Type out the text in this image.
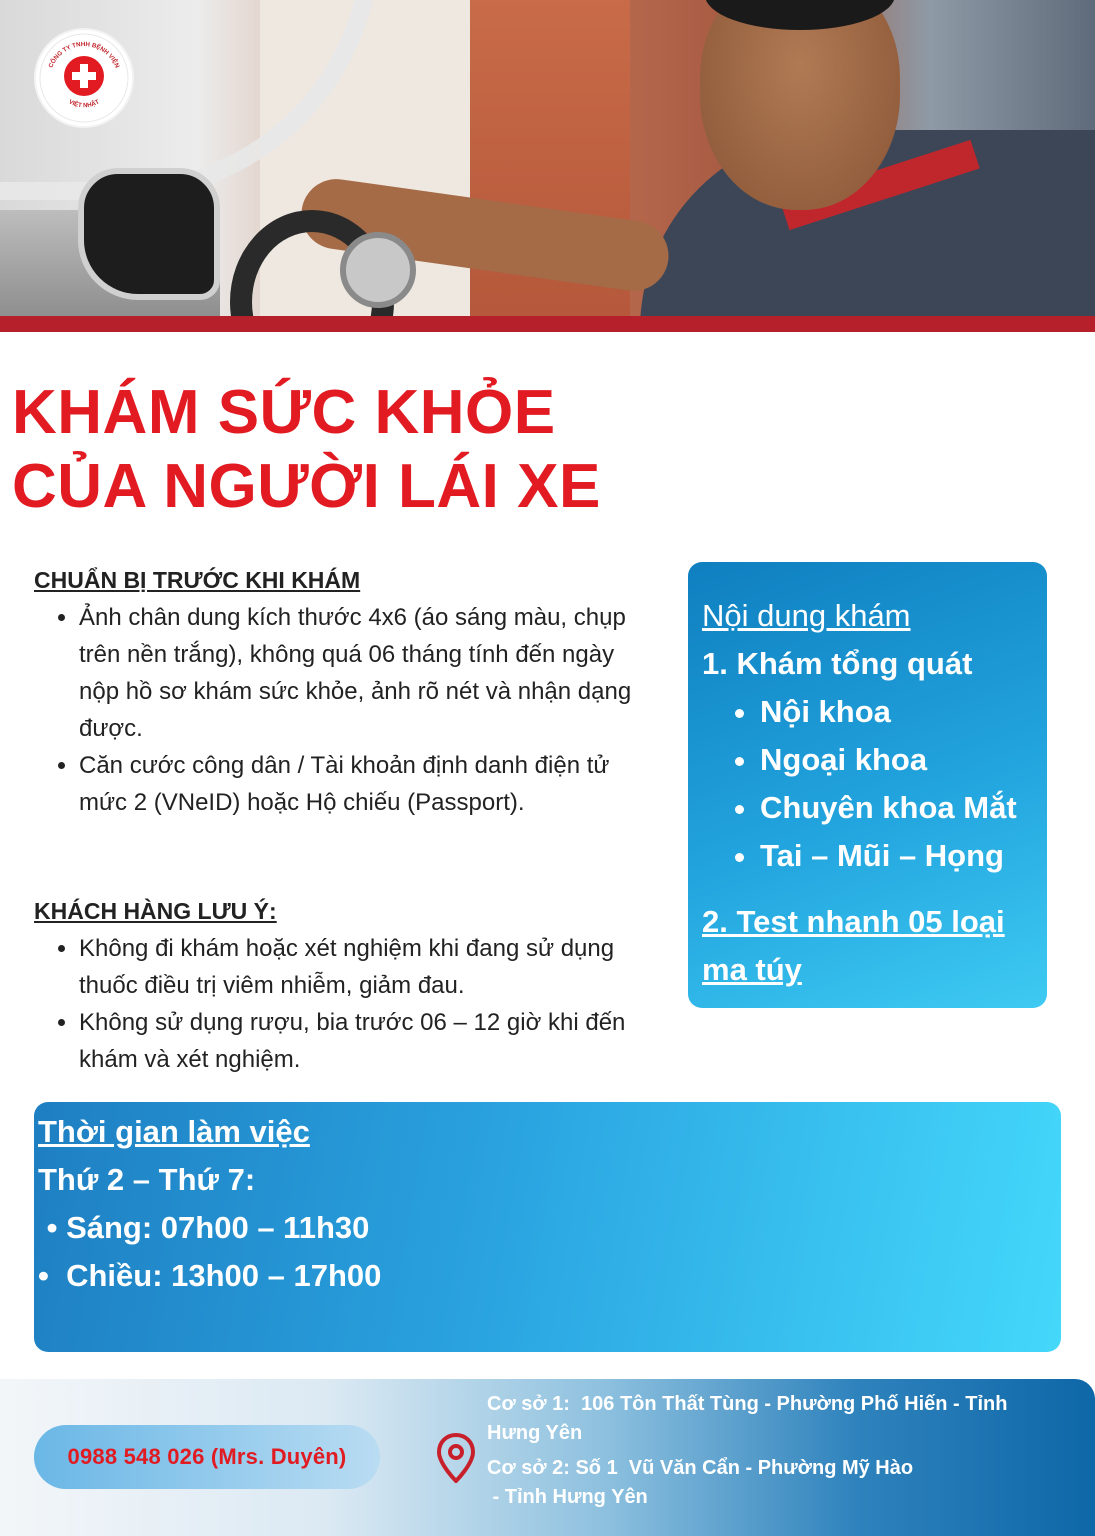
CÔNG TY TNHH BỆNH VIỆN
VIỆT NHẬT
KHÁM SỨC KHỎE
CỦA NGƯỜI LÁI XE
CHUẨN BỊ TRƯỚC KHI KHÁM
• Ảnh chân dung kích thước 4x6 (áo sáng màu, chụp trên nền trắng), không quá 06 tháng tính đến ngày nộp hồ sơ khám sức khỏe, ảnh rõ nét và nhận dạng được.
• Căn cước công dân / Tài khoản định danh điện tử mức 2 (VNeID) hoặc Hộ chiếu (Passport).
KHÁCH HÀNG LƯU Ý:
• Không đi khám hoặc xét nghiệm khi đang sử dụng thuốc điều trị viêm nhiễm, giảm đau.
• Không sử dụng rượu, bia trước 06 – 12 giờ khi đến khám và xét nghiệm.
Nội dung khám
1. Khám tổng quát
• Nội khoa
• Ngoại khoa
• Chuyên khoa Mắt
• Tai – Mũi – Họng
2. Test nhanh 05 loại ma túy
Thời gian làm việc
Thứ 2 – Thứ 7:
• Sáng: 07h00 – 11h30
•  Chiều: 13h00 – 17h00
0988 548 026 (Mrs. Duyên)
Cơ sở 1:  106 Tôn Thất Tùng - Phường Phố Hiến - Tỉnh Hưng Yên
Cơ sở 2: Số 1  Vũ Văn Cẩn - Phường Mỹ Hào
- Tỉnh Hưng Yên
